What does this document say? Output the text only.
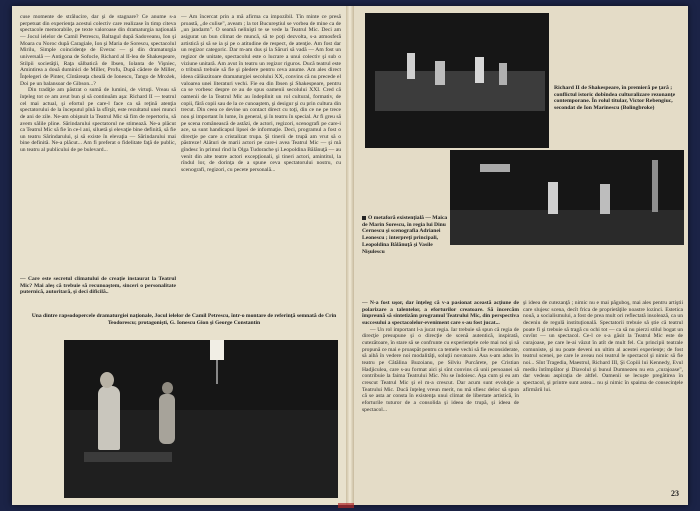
cuse momente de strălucire, dar şi de stagnare? Ce anume s-a perpetuat din experienţa acestui colectiv care realizase în timp citeva spectacole memorabile, pe texte valoroase din dramaturgia naţională — Jocul ielelor de Camil Petrescu, Baltagul după Sadoveanu, Ion şi Moara cu Noroc după Caragiale, Ion şi Maria de Sorescu, spectacolul Mirilu, Simple coincidenţe de Everac — şi din dramaturgia universală — Antigona de Sofocle, Richard al II-lea de Shakespeare, Stilpii societăţii, Raţa sălbatică de Ibsen, Iolanta de Vişniec, Amintirea a două duminici de Miller, Profu, După cădere de Miller, Înţelegeri de Pinter, Cîntăreaţa cheală de Ionescu, Tango de Mrożek, Doi pe un balansoar de Gibson...?

Din tradiţie am păstrat o sumă de lumini, de virtuţi. Vreau să înţeleg tot ce am avut bun şi să continuăm aşa: Richard II — teatrul cel mai actual, şi efortul pe care-l face ca să reţină atenţia spectatorului de la începutul pînă la sfîrşit, este rezultatul unei munci de ani de zile. Ne-am obişnuit la Teatrul Mic să fim de repertoriu, să avem sălile pline. Sărindarului spectatorul ne stimează. Ne-a plăcut ca Teatrul Mic să fie în ce-l ani, siluetă şi elevaţie bine definită, să fie un teatru Sărindarului, şi să existe în elevaţia — Sărindarului mai bine definită. Ne-a plăcut... Am fi preferat o fidelitate faţă de public, un teatru al publicului de pe bulevard...

— Care este secretul climatului de creaţie instaurat la Teatrul Mic? Mai aleş că trebuie să recunoaştem, sinceri o personalitate puternică, autoritară, şi deci dificilă..

— Am încercat prin a mă afirma ca impozibil. Tîn minte ce presă proastă, „de culise", aveam ; la tot Bucureştiul se vorbea de mine ca de „un jandarm". O seamă nelinişti te se vede la Teatrul Mic. Deci am asigurat un bun climat de muncă, să te poţi dezvolta, s-a atmosferă artistică şi să se ia şi pe o atitudine de respect, de atenţie. Am fost dar un regizor categoric. Dar m-am dus şi la Săruri să vadă — Am fost un regizor de unitate, spectacolul este o lucrare a unui colectiv şi sub o viziune unitară. Am avut în teatru un regizor riguros. Ducă teatrul este o tribună trebuie să fie şi pledere pentru ceva anume. Am ales direct ideea călăuzitoare dramaturgiei secolului XX, convins că nu precede el valoarea unei literaturi vechi. Fie ea din Ibsen şi Shakespeare, pentru ca se vorbesc despre ce au de spus oamenii secolului XXI. Cred că oamenii de la Teatrul Mic au îndeplinit un rol cultural, formativ, de copii, fără copii sau de la ce cunoaştem, şi desigur şi cu prin cultura din trecut. Din ceea ce devine un contact direct cu toţi, din ce ne pe trece nou şi important în lume, în general, şi în teatru în special. Ar fi greu să pe scena românească de astăzi, de actori, regizori, scenografi pe care-i ace, sa sunt handicapul lipsei de informaţie. Deci, programul a fost o direcţie pe care a cristalizat trupa. Şi tinerii de trupă am vrut să o păstreze! Alături de marii actori pe care-i avea Teatrul Mic — şi mă gîndesc în primul rînd la Olga Tudorache şi Leopoldina Bălănuţă — au venit din alte teatre actori excepţionali, şi tineri actori, amintitul, la rîndul lor, de dorinţa de a spune ceva spectatorului nostru, cu scenografi, regizori, cu pecete personală...

Una dintre rapsodopercele dramaturgiei naţionale, Jocul ielelor de Camil Petrescu, într-o montare de referinţă semnată de Crin Teodorescu; protagonişti, G. Ionescu Gion şi George Constantin
Richard II de Shakespeare, în premieră pe ţară ; conflictul istoric dobîndea culturalizare rezonanţe contemporane. În rolul titular, Victor Rebengiuc, secondat de Ion Marinescu (Bolingbroke)
O metaforă existenţială — Maica de Marin Sorescu, în regia lui Dinu Cernescu şi scenografia Adrianei Leonescu ; interpreţi principali, Leopoldina Bălănuţă şi Vasile Nişulescu

— N-a fost uşor, dar înţeleg că v-a pasionat această acţiune de polarizare a talentelor, a eforturilor creatoare. Să încercăm împreună să sintetizăm programul Teatrului Mic, din perspectiva succesului a spectacolelor-eveniment care s-au fost jucat...

— Un rol important l-a jucat regia. Iar trebuie să spun că regia de direcţie presupune şi o direcţie de scenă autentică, inspirată, cutezătoare, în stare să se confrunte cu experienţele cele mai noi şi să propună ce mai e proaspăt pentru ca temele vechi să fie reconsiderate, să aibă în vedere noi modalităţi, soluţii novatoare. Asa s-am adus în teatru pe Cătălina Buzoianu, pe Silviu Purcărete, pe Cristian Hadjiculea, care s-au format aici şi sînt convins că unii persoanei să contribuie la faima Teatrului Mic. Nu se îndoiesc. Aşa cum şi eu am crescut Teatrul Mic şi el m-a crescut. Dar acum sunt evoluţie a Teatrului Mic. Ducă înţeleg vreun merit, nu mă sfiesc deloc să spun că se asta ar consta în existenţa unui climat de libertate artistică, în eforturile tuturor de a consolida şi ideea de trupă, şi ideea de spectacol...

şi ideea de cutezanţă ; nimic nu e mai păguboş, mai ales pentru artiştii care slujesc scena, decît frica de proprietăţile noastre lozinci. Estetica nouă, a socialismului, a fost de prea mult ori reflectată insolează, ca un deceniu de regulă instituţională. Spectatorii trebuie să ştie că teatrul poate fi şi trebuie să tragă cu ochi tot — ca să nu pierzi stilul bogat un cuvînt — un spectacol. Ce-l ce s-a găsit la Teatrul Mic este de curajoase, pe care le-ai văzut în atît de mult fel. Cu principii teatrale comuniste, şi nu poate deveni un ultim al acestei experienţe; de fost teatrul scenei, pe care le aveau noi teatrul le spectacol şi nimic să fie noi... Sînt Tragedia, Maestrul, Richard III, Şi Copiii lui Kennedy, Evul mediu întîmplător şi Diavolul şi bunul Dumnezeu nu era „curajoase", dar vedeau aspiraţia de altfel. Oamenii se lecuşte pregătirea în spectacol, şi printre sunt astea... nu şi nimic în spaima de consecinţele afirmării lui.

23
